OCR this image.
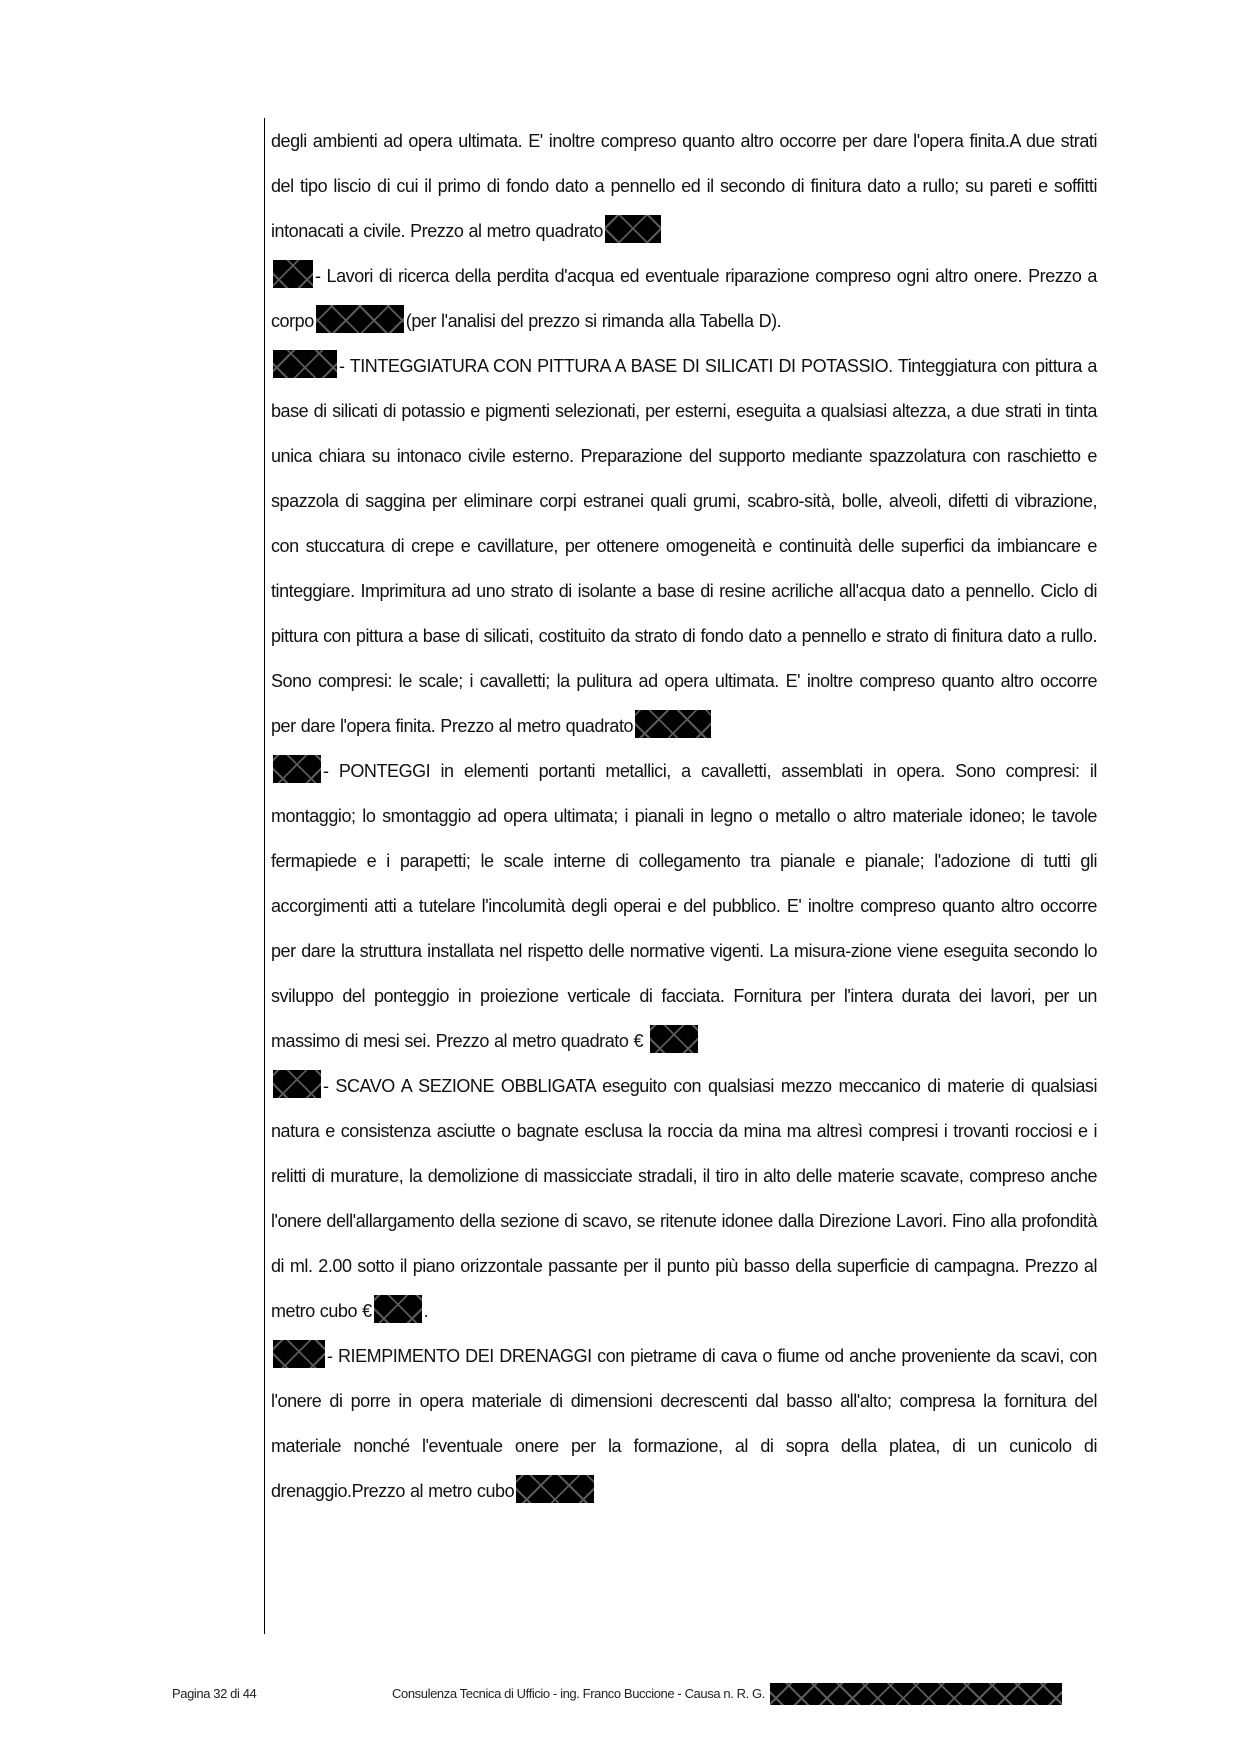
degli ambienti ad opera ultimata. E' inoltre compreso quanto altro occorre per dare l'opera finita.A due strati del tipo liscio di cui il primo di fondo dato a pennello ed il secondo di finitura dato a rullo; su pareti e soffitti intonacati a civile. Prezzo al metro quadrato

- Lavori di ricerca della perdita d'acqua ed eventuale riparazione compreso ogni altro onere. Prezzo a corpo	(per l'analisi del prezzo si rimanda alla Tabella D).

- TINTEGGIATURA CON PITTURA A BASE DI SILICATI DI POTASSIO. Tinteggiatura con pittura a base di silicati di potassio e pigmenti selezionati, per esterni, eseguita a qualsiasi altezza, a due strati in tinta unica chiara su intonaco civile esterno. Preparazione del supporto mediante spazzolatura con raschietto e spazzola di saggina per eliminare corpi estranei quali grumi, scabro-sità, bolle, alveoli, difetti di vibrazione, con stuccatura di crepe e cavillature, per ottenere omogeneità e continuità delle superfici da imbiancare e tinteggiare. Imprimitura ad uno strato di isolante a base di resine acriliche all'acqua dato a pennello. Ciclo di pittura con pittura a base di silicati, costituito da strato di fondo dato a pennello e strato di finitura dato a rullo. Sono compresi: le scale; i cavalletti; la pulitura ad opera ultimata. E' inoltre compreso quanto altro occorre per dare l'opera finita. Prezzo al metro quadrato

- PONTEGGI in elementi portanti metallici, a cavalletti, assemblati in opera. Sono compresi: il montaggio; lo smontaggio ad opera ultimata; i pianali in legno o metallo o altro materiale idoneo; le tavole fermapiede e i parapetti; le scale interne di collegamento tra pianale e pianale; l'adozione di tutti gli accorgimenti atti a tutelare l'incolumità degli operai e del pubblico. E' inoltre compreso quanto altro occorre per dare la struttura installata nel rispetto delle normative vigenti. La misura-zione viene eseguita secondo lo sviluppo del ponteggio in proiezione verticale di facciata. Fornitura per l'intera durata dei lavori, per un massimo di mesi sei. Prezzo al metro quadrato €

- SCAVO A SEZIONE OBBLIGATA eseguito con qualsiasi mezzo meccanico di materie di qualsiasi natura e consistenza asciutte o bagnate esclusa la roccia da mina ma altresì compresi i trovanti rocciosi e i relitti di murature, la demolizione di massicciate stradali, il tiro in alto delle materie scavate, compreso anche l'onere dell'allargamento della sezione di scavo, se ritenute idonee dalla Direzione Lavori. Fino alla profondità di ml. 2.00 sotto il piano orizzontale passante per il punto più basso della superficie di campagna. Prezzo al metro cubo €	.

- RIEMPIMENTO DEI DRENAGGI con pietrame di cava o fiume od anche proveniente da scavi, con l'onere di porre in opera materiale di dimensioni decrescenti dal basso all'alto; compresa la fornitura del materiale nonché l'eventuale onere per la formazione, al di sopra della platea, di un cunicolo di drenaggio.Prezzo al metro cubo

Pagina 32 di 44	Consulenza Tecnica di Ufficio - ing. Franco Buccione - Causa n. R. G.
